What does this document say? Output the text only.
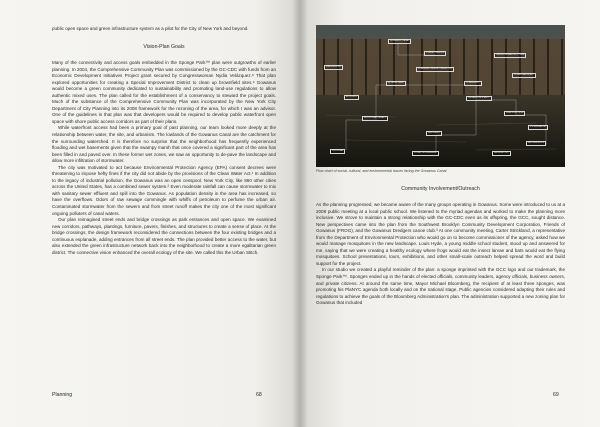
public open space and green infrastructure system as a pilot for the City of New York and beyond.

Vision-Plan Goals

Many of the connectivity and access goals embedded in the Sponge Park™ plan were outgrowths of earlier planning. In 2004, the Comprehensive Community Plan was commissioned by the GC-CDC with funds from an Economic Development Initiatives Project grant secured by Congresswoman Nydia Velázquez.⁸ That plan explored opportunities for creating a Special Improvement District to clean up brownfield sites.⁹ Gowanus would become a green community dedicated to sustainability and promoting land-use regulations to allow authentic mixed uses. The plan called for the establishment of a conservancy to steward the project goals. Much of the substance of the Comprehensive Community Plan was incorporated by the New York City Department of City Planning into its 2008 framework for the rezoning of the area, for which I was an advisor. One of the guidelines in that plan was that developers would be required to develop public waterfront open space with shore public access corridors as part of their plans.

While waterfront access had been a primary goal of past planning, our team looked more deeply at the relationship between water, the site, and urbanism. The lowlands of the Gowanus Canal are the catchment for the surrounding watershed. It is therefore no surprise that the neighborhood has frequently experienced flooding and wet basements given that the swampy marsh that once covered a significant part of the area has been filled in and paved over. In these former wet zones, we saw an opportunity to de-pave the landscape and allow more infiltration of stormwater.

The city was motivated to act because Environmental Protection Agency (EPA) consent decrees were threatening to impose hefty fines if the city did not abide by the provisions of the Clean Water Act.¹ In addition to the legacy of industrial pollution, the Gowanus was an open cesspool. New York City, like 860 other cities across the United States, has a combined sewer system.² Even moderate rainfall can cause stormwater to mix with sanitary sewer effluent and spill into the Gowanus. As population density in the area has increased, so have the overflows. Odors of raw sewage commingle with whiffs of petroleum to perfume the urban air. Contaminated stormwater from the sewers and from street runoff makes the city one of the most significant ongoing polluters of canal waters.

Our plan reimagined street ends and bridge crossings as park entrances and open space. We examined new corridors, pathways, plantings, furniture, pavers, finishes, and structures to create a sense of place. At the bridge crossings, the design framework reconsidered the connections between the four existing bridges and a continuous esplanade, adding entrances from all street ends. The plan provided better access to the water, but also extended the green infrastructure network back into the neighborhood to create a more egalitarian green district. The connective vision enhanced the overall ecology of the site. We called this the Urban Stitch.

Planning	68
Community Involvement/Outreach

As the planning progressed, we became aware of the many groups operating in Gowanus. Some were introduced to us at a 2008 public meeting at a local public school. We listened to the myriad agendas and worked to make the planning more inclusive. We strove to maintain a strong relationship with the GC-CDC even as its offspring, the GCC, sought distance. New perspectives came into the plan from the Southwest Brooklyn Community Development Corporation, Friends of Gowanus (FROG), and the Gowanus Dredgers canoe club.³ At one community meeting, Carter Strickland, a representative from the Department of Environmental Protection who would go on to become commissioner of the agency, asked how we would manage mosquitoes in the new landscape. Louis Hyde, a young middle school student, stood up and answered for me, saying that we were creating a healthy ecology where frogs would eat the insect larvae and bats would eat the flying mosquitoes. School presentations, tours, exhibitions, and other small-scale outreach helped spread the word and build support for the project.

In our studio we created a playful reminder of the plan: a sponge imprinted with the GCC logo and our trademark, the Sponge Park™. Sponges ended up in the hands of elected officials, community leaders, agency officials, business owners, and private citizens. At around the same time, Mayor Michael Bloomberg, the recipient of at least three sponges, was promoting his PlaNYC agenda both locally and on the national stage. Public agencies considered adapting their rules and regulations to achieve the goals of the Bloomberg Administration's plan. The administration supported a new zoning plan for Gowanus that included

69
GOWANUS CANAL
STREET RUNOFF
COMBINED SEWER OVERFLOW
SPONGE PARK	COMMUNITY
PRIVATE PROPERTY
PUBLIC ACCESS
INDUSTRIAL LEGACY
REZONING
STORMWATER
BROWNFIELDS
WATERFRONT
GREEN INFRASTRUCTURE
CLEAN WATER ACT
ECOLOGY
REGULATORY
CULTURAL
LOCAL GOVERNMENT
Flow chart of social, cultural, and environmental issues facing the Gowanus Canal.
